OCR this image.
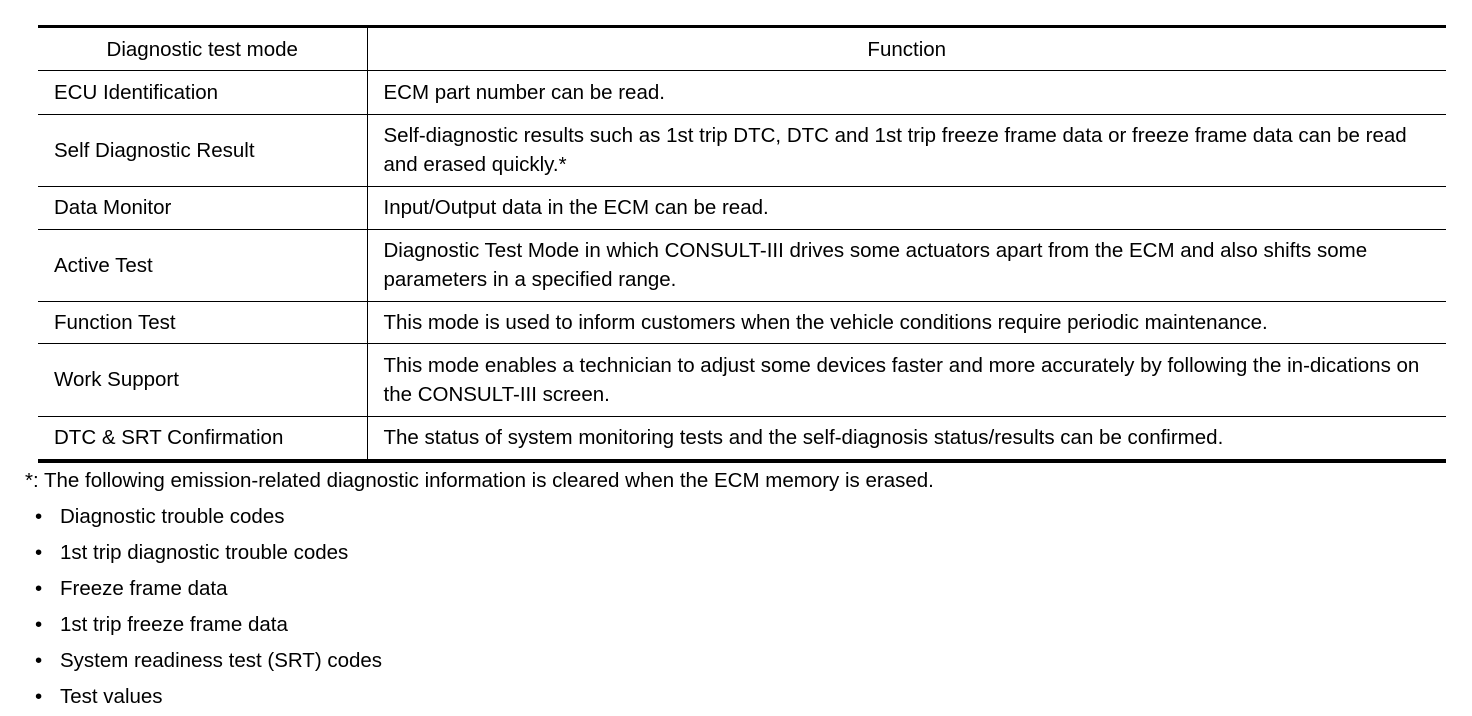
Diagnostic test mode	Function
ECU Identification	ECM part number can be read.
Self Diagnostic Result	Self-diagnostic results such as 1st trip DTC, DTC and 1st trip freeze frame data or freeze frame data can be read and erased quickly.*
Data Monitor	Input/Output data in the ECM can be read.
Active Test	Diagnostic Test Mode in which CONSULT-III drives some actuators apart from the ECM and also shifts some parameters in a specified range.
Function Test	This mode is used to inform customers when the vehicle conditions require periodic maintenance.
Work Support	This mode enables a technician to adjust some devices faster and more accurately by following the in-dications on the CONSULT-III screen.
DTC & SRT Confirmation	The status of system monitoring tests and the self-diagnosis status/results can be confirmed.
*: The following emission-related diagnostic information is cleared when the ECM memory is erased.
• Diagnostic trouble codes
• 1st trip diagnostic trouble codes
• Freeze frame data
• 1st trip freeze frame data
• System readiness test (SRT) codes
• Test values
